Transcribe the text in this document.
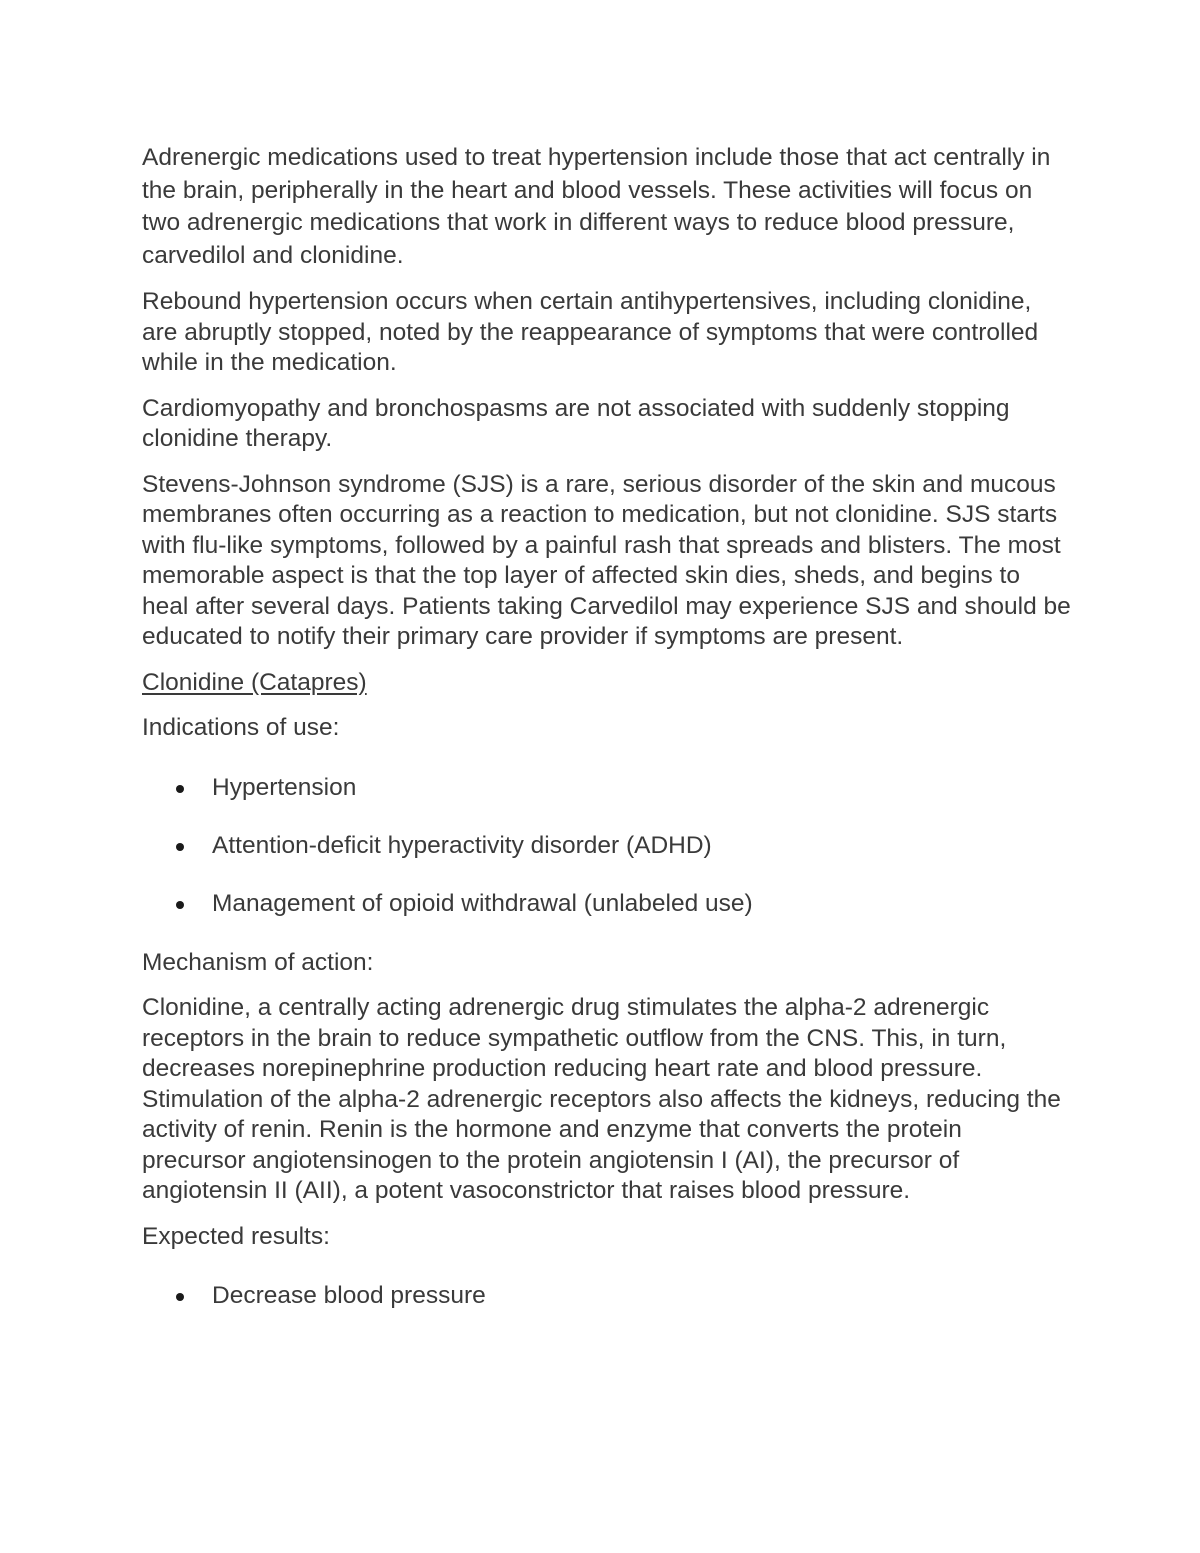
Adrenergic medications used to treat hypertension include those that act centrally in the brain, peripherally in the heart and blood vessels. These activities will focus on two adrenergic medications that work in different ways to reduce blood pressure, carvedilol and clonidine.

Rebound hypertension occurs when certain antihypertensives, including clonidine, are abruptly stopped, noted by the reappearance of symptoms that were controlled while in the medication.

Cardiomyopathy and bronchospasms are not associated with suddenly stopping clonidine therapy.

Stevens-Johnson syndrome (SJS) is a rare, serious disorder of the skin and mucous membranes often occurring as a reaction to medication, but not clonidine. SJS starts with flu-like symptoms, followed by a painful rash that spreads and blisters. The most memorable aspect is that the top layer of affected skin dies, sheds, and begins to heal after several days. Patients taking Carvedilol may experience SJS and should be educated to notify their primary care provider if symptoms are present.

Clonidine (Catapres)

Indications of use:

Hypertension
Attention-deficit hyperactivity disorder (ADHD)
Management of opioid withdrawal (unlabeled use)

Mechanism of action:

Clonidine, a centrally acting adrenergic drug stimulates the alpha-2 adrenergic receptors in the brain to reduce sympathetic outflow from the CNS. This, in turn, decreases norepinephrine production reducing heart rate and blood pressure. Stimulation of the alpha-2 adrenergic receptors also affects the kidneys, reducing the activity of renin. Renin is the hormone and enzyme that converts the protein precursor angiotensinogen to the protein angiotensin I (AI), the precursor of angiotensin II (AII), a potent vasoconstrictor that raises blood pressure.

Expected results:

Decrease blood pressure
